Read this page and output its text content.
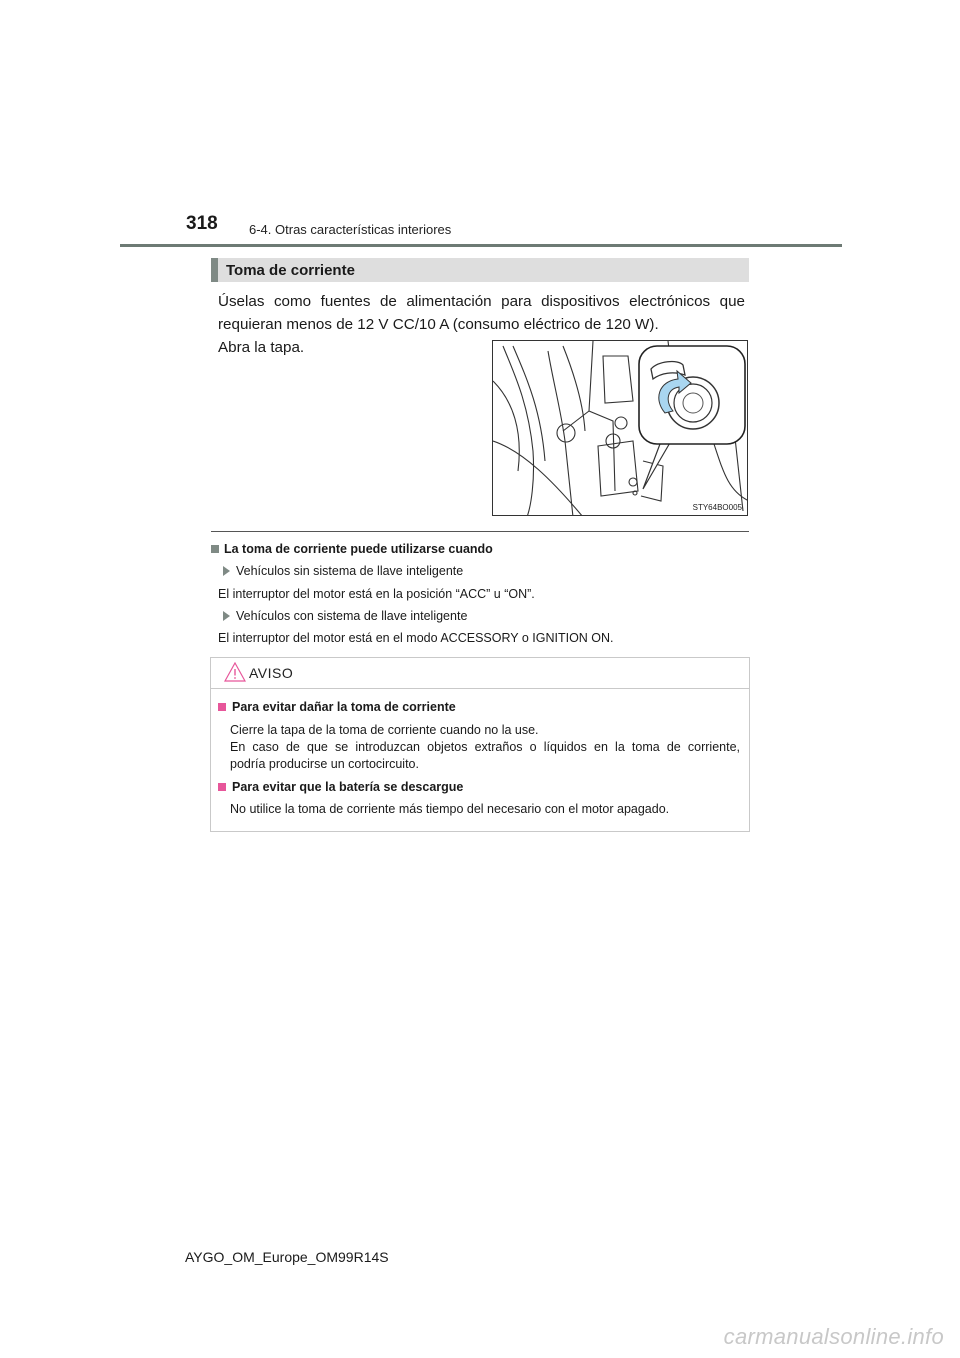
318 6-4. Otras características interiores
Toma de corriente
Úselas como fuentes de alimentación para dispositivos electrónicos que requieran menos de 12 V CC/10 A (consumo eléctrico de 120 W).
Abra la tapa.
STY64BO005
La toma de corriente puede utilizarse cuando
Vehículos sin sistema de llave inteligente
El interruptor del motor está en la posición “ACC” u “ON”.
Vehículos con sistema de llave inteligente
El interruptor del motor está en el modo ACCESSORY o IGNITION ON.
AVISO
Para evitar dañar la toma de corriente
Cierre la tapa de la toma de corriente cuando no la use.
En caso de que se introduzcan objetos extraños o líquidos en la toma de corriente,
podría producirse un cortocircuito.
Para evitar que la batería se descargue
No utilice la toma de corriente más tiempo del necesario con el motor apagado.
AYGO_OM_Europe_OM99R14S
carmanualsonline.info
